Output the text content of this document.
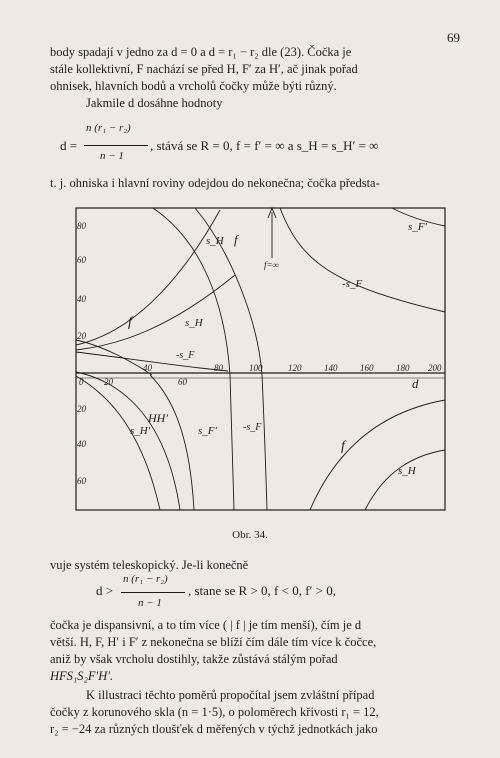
69
body spadají v jedno za d = 0 a d = r₁ − r₂ dle (23). Čočka je
stále kollektivní, F nachází se před H, F′ za H′, ač jinak pořad
ohnisek, hlavních bodů a vrcholů čočky může býti různý.
Jakmile d dosáhne hodnoty
d =
n (r₁ − r₂)
n − 1
, stává se R = 0, f = f′ = ∞ a s_H = s_H′ = ∞
t. j. ohniska i hlavní roviny odejdou do nekonečna; čočka předsta-
80
60
40
20
20
40
60
40	80	100	120	140	160	180 200
0 20	60	d
s_H f
f=∞
s_F′
-s_F
f	s_H
-s_F
HH′
s_H′	s_F′	-s_F
f
s_H
Obr. 34.
vuje systém teleskopický. Je-li konečně
d >
n (r₁ − r₂)
n − 1
, stane se R > 0, f < 0, f′ > 0,
čočka je dispansivní, a to tím více ( | f | je tím menší), čím je d
větší. H, F, H′ i F′ z nekonečna se blíží čím dále tím více k čočce,
aniž by však vrcholu dostihly, takže zůstává stálým pořad
HFS₁S₂F′H′.
K illustraci těchto poměrů propočítal jsem zvláštní případ
čočky z korunového skla (n = 1·5), o poloměrech křivosti r₁ = 12,
r₂ = −24 za různých tloušťek d měřených v týchž jednotkách jako
